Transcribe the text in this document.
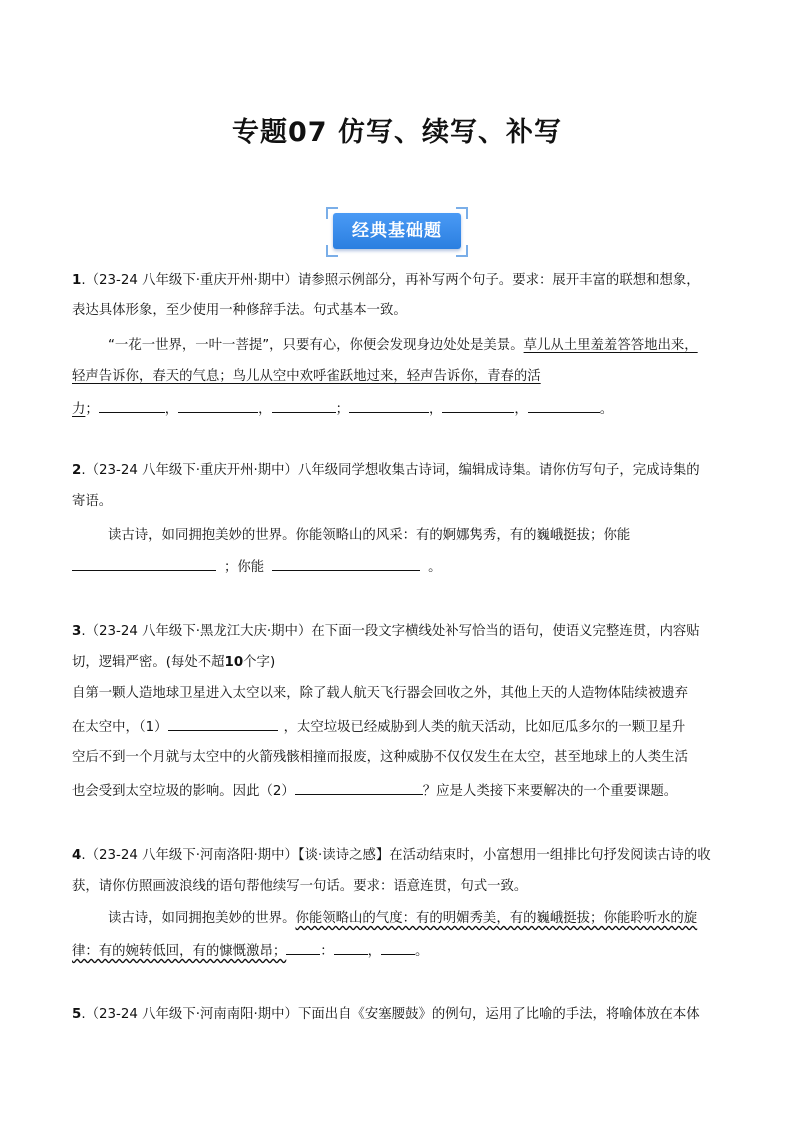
专题07 仿写、续写、补写
经典基础题
1.（23-24 八年级下·重庆开州·期中）请参照示例部分，再补写两个句子。要求：展开丰富的联想和想象，
表达具体形象，至少使用一种修辞手法。句式基本一致。
“一花一世界，一叶一菩提”，只要有心，你便会发现身边处处是美景。草儿从土里羞羞答答地出来，
轻声告诉你，春天的气息；鸟儿从空中欢呼雀跃地过来，轻声告诉你，青春的活
力；	，	，	；	，	，	。
2.（23-24 八年级下·重庆开州·期中）八年级同学想收集古诗词，编辑成诗集。请你仿写句子，完成诗集的
寄语。
读古诗，如同拥抱美妙的世界。你能领略山的风采：有的婀娜隽秀，有的巍峨挺拔；你能
；你能	。
3.（23-24 八年级下·黑龙江大庆·期中）在下面一段文字横线处补写恰当的语句，使语义完整连贯，内容贴
切，逻辑严密。(每处不超10个字)
自第一颗人造地球卫星进入太空以来，除了载人航天飞行器会回收之外，其他上天的人造物体陆续被遗弃
在太空中，（1）	，太空垃圾已经威胁到人类的航天活动，比如厄瓜多尔的一颗卫星升
空后不到一个月就与太空中的火箭残骸相撞而报废，这种威胁不仅仅发生在太空，甚至地球上的人类生活
也会受到太空垃圾的影响。因此（2）	？应是人类接下来要解决的一个重要课题。
4.（23-24 八年级下·河南洛阳·期中）【谈·读诗之感】在活动结束时，小富想用一组排比句抒发阅读古诗的收
获，请你仿照画波浪线的语句帮他续写一句话。要求：语意连贯，句式一致。
读古诗，如同拥抱美妙的世界。你能领略山的气度：有的明媚秀美，有的巍峨挺拔；你能聆听水的旋
律：有的婉转低回，有的慷慨激昂；	：	，	。
5.（23-24 八年级下·河南南阳·期中）下面出自《安塞腰鼓》的例句，运用了比喻的手法，将喻体放在本体
